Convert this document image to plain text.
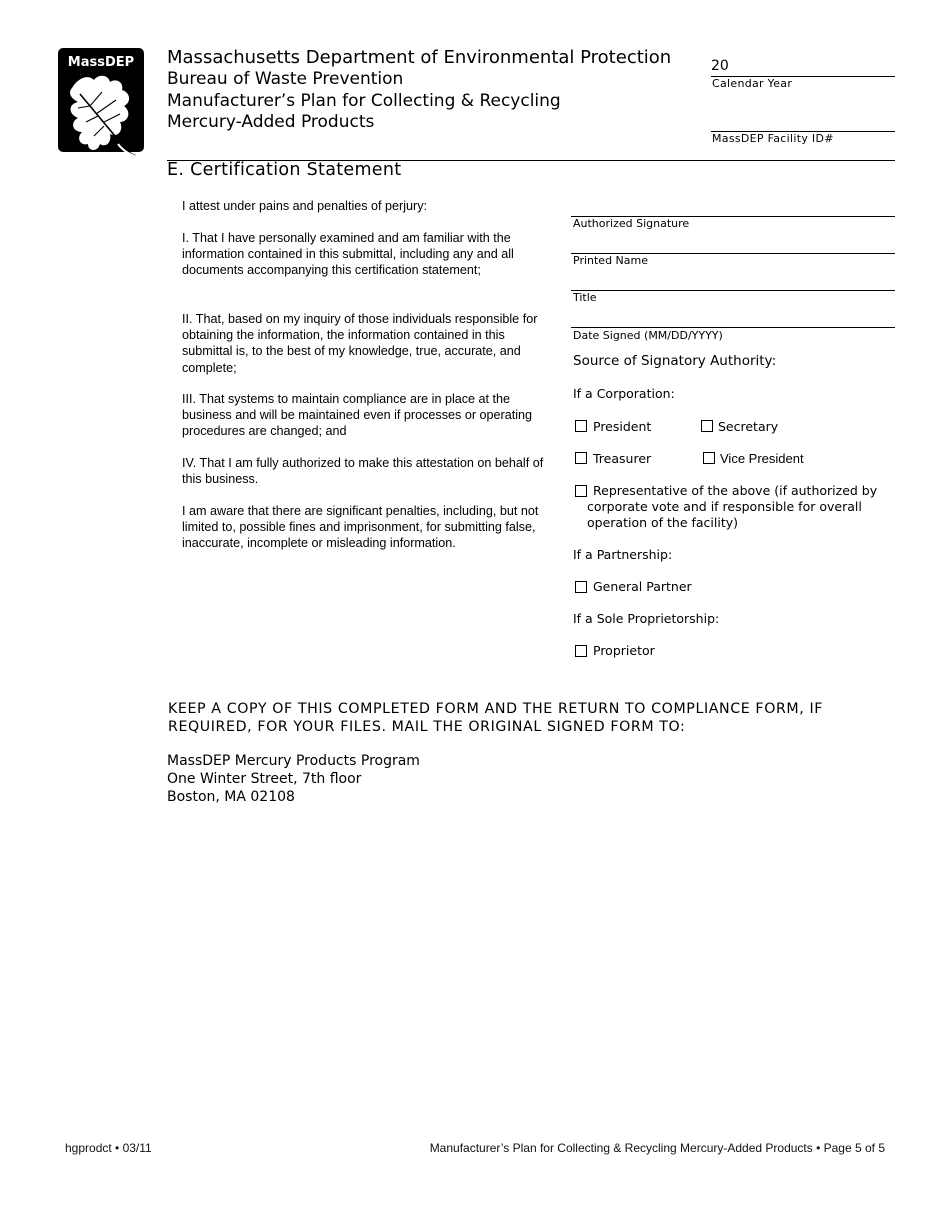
MassDEP Massachusetts Department of Environmental Protection
Bureau of Waste Prevention
Manufacturer’s Plan for Collecting & Recycling
Mercury-Added Products
20
Calendar Year
MassDEP Facility ID#
E. Certification Statement
I attest under pains and penalties of perjury:
I. That I have personally examined and am familiar with the information contained in this submittal, including any and all documents accompanying this certification statement;
II. That, based on my inquiry of those individuals responsible for obtaining the information, the information contained in this submittal is, to the best of my knowledge, true, accurate, and complete;
III. That systems to maintain compliance are in place at the business and will be maintained even if processes or operating procedures are changed; and
IV. That I am fully authorized to make this attestation on behalf of this business.
I am aware that there are significant penalties, including, but not limited to, possible fines and imprisonment, for submitting false, inaccurate, incomplete or misleading information.
Authorized Signature
Printed Name
Title
Date Signed (MM/DD/YYYY)
Source of Signatory Authority:
If a Corporation:
President	Secretary
Treasurer	Vice President
Representative of the above (if authorized by corporate vote and if responsible for overall operation of the facility)
If a Partnership:
General Partner
If a Sole Proprietorship:
Proprietor
KEEP A COPY OF THIS COMPLETED FORM AND THE RETURN TO COMPLIANCE FORM, IF REQUIRED, FOR YOUR FILES. MAIL THE ORIGINAL SIGNED FORM TO:
MassDEP Mercury Products Program
One Winter Street, 7th floor
Boston, MA 02108
hgprodct • 03/11	Manufacturer’s Plan for Collecting & Recycling Mercury-Added Products • Page 5 of 5
